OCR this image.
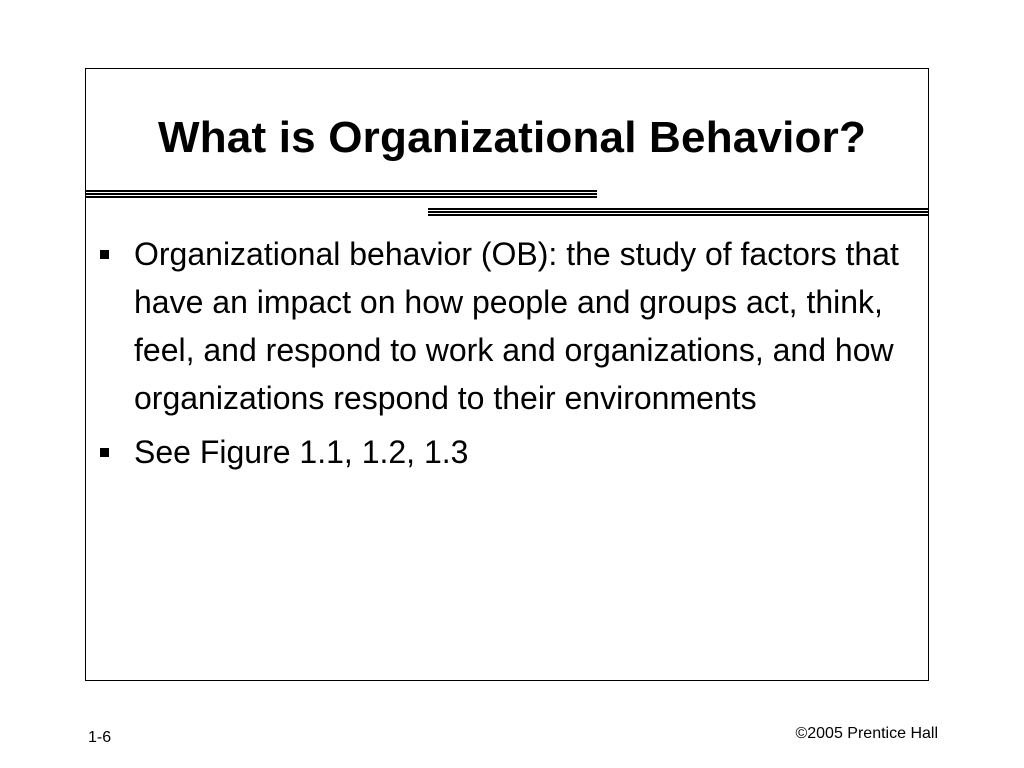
What is Organizational Behavior?
Organizational behavior (OB): the study of factors that have an impact on how people and groups act, think, feel, and respond to work and organizations, and how organizations respond to their environments
See Figure 1.1, 1.2, 1.3
1-6	©2005 Prentice Hall
